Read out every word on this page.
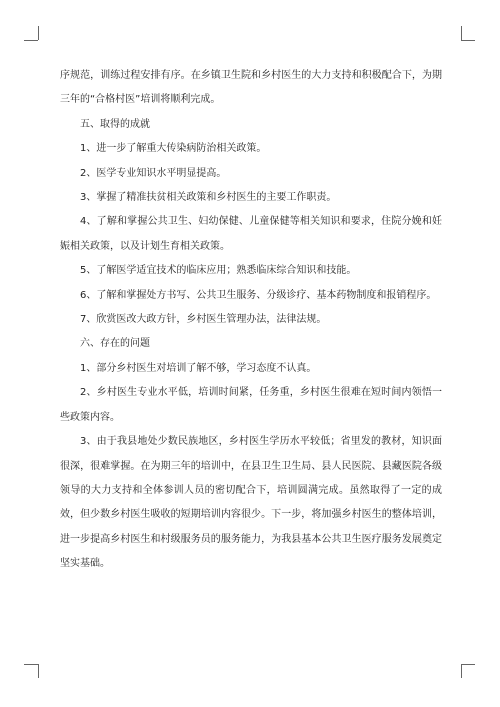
序规范，训练过程安排有序。在乡镇卫生院和乡村医生的大力支持和积极配合下，为期三年的“合格村医”培训将顺利完成。

五、取得的成就

1、进一步了解重大传染病防治相关政策。

2、医学专业知识水平明显提高。

3、掌握了精准扶贫相关政策和乡村医生的主要工作职责。

4、了解和掌握公共卫生、妇幼保健、儿童保健等相关知识和要求，住院分娩和妊娠相关政策，以及计划生育相关政策。

5、了解医学适宜技术的临床应用；熟悉临床综合知识和技能。

6、了解和掌握处方书写、公共卫生服务、分级诊疗、基本药物制度和报销程序。

7、欣赏医改大政方针，乡村医生管理办法，法律法规。

六、存在的问题

1、部分乡村医生对培训了解不够，学习态度不认真。

2、乡村医生专业水平低，培训时间紧，任务重，乡村医生很难在短时间内领悟一些政策内容。

3、由于我县地处少数民族地区，乡村医生学历水平较低；省里发的教材，知识面很深，很难掌握。在为期三年的培训中，在县卫生卫生局、县人民医院、县藏医院各级领导的大力支持和全体参训人员的密切配合下，培训圆满完成。虽然取得了一定的成效，但少数乡村医生吸收的短期培训内容很少。下一步，将加强乡村医生的整体培训，进一步提高乡村医生和村级服务员的服务能力，为我县基本公共卫生医疗服务发展奠定坚实基础。
